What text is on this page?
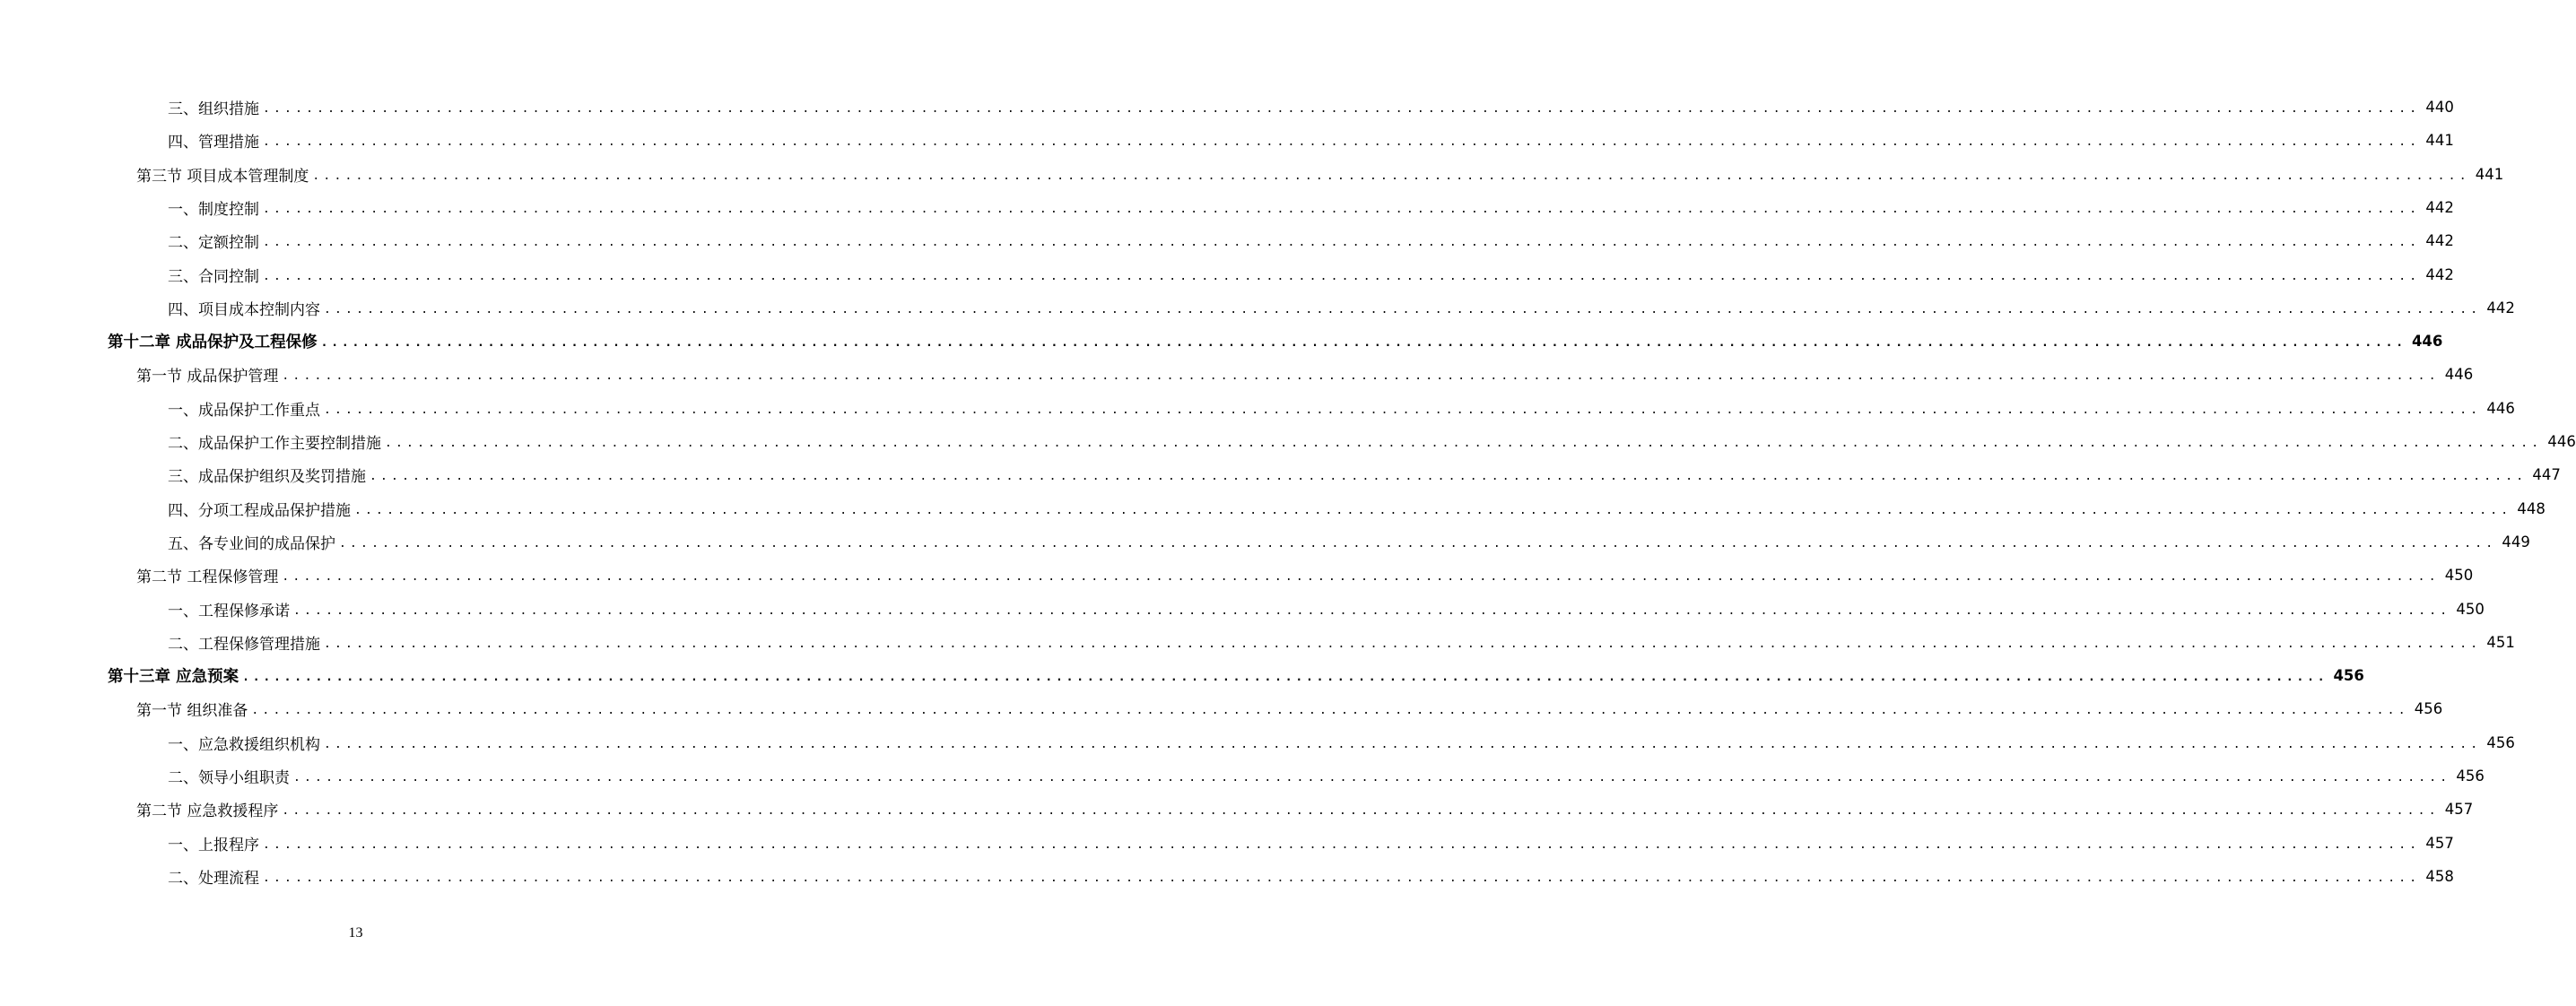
三、组织措施 ........................................................................................................................................................................................................ 440
四、管理措施 ........................................................................................................................................................................................................ 441
第三节 项目成本管理制度 ........................................................................................................................................................................................................ 441
一、制度控制 ........................................................................................................................................................................................................ 442
二、定额控制 ........................................................................................................................................................................................................ 442
三、合同控制 ........................................................................................................................................................................................................ 442
四、项目成本控制内容 ........................................................................................................................................................................................................ 442
第十二章 成品保护及工程保修 ........................................................................................................................................................................................................ 446
第一节 成品保护管理 ........................................................................................................................................................................................................ 446
一、成品保护工作重点 ........................................................................................................................................................................................................ 446
二、成品保护工作主要控制措施 ........................................................................................................................................................................................................ 446
三、成品保护组织及奖罚措施 ........................................................................................................................................................................................................ 447
四、分项工程成品保护措施 ........................................................................................................................................................................................................ 448
五、各专业间的成品保护 ........................................................................................................................................................................................................ 449
第二节 工程保修管理 ........................................................................................................................................................................................................ 450
一、工程保修承诺 ........................................................................................................................................................................................................ 450
二、工程保修管理措施 ........................................................................................................................................................................................................ 451
第十三章 应急预案 ........................................................................................................................................................................................................ 456
第一节 组织准备 ........................................................................................................................................................................................................ 456
一、应急救援组织机构 ........................................................................................................................................................................................................ 456
二、领导小组职责 ........................................................................................................................................................................................................ 456
第二节 应急救援程序 ........................................................................................................................................................................................................ 457
一、上报程序 ........................................................................................................................................................................................................ 457
二、处理流程 ........................................................................................................................................................................................................ 458
13
